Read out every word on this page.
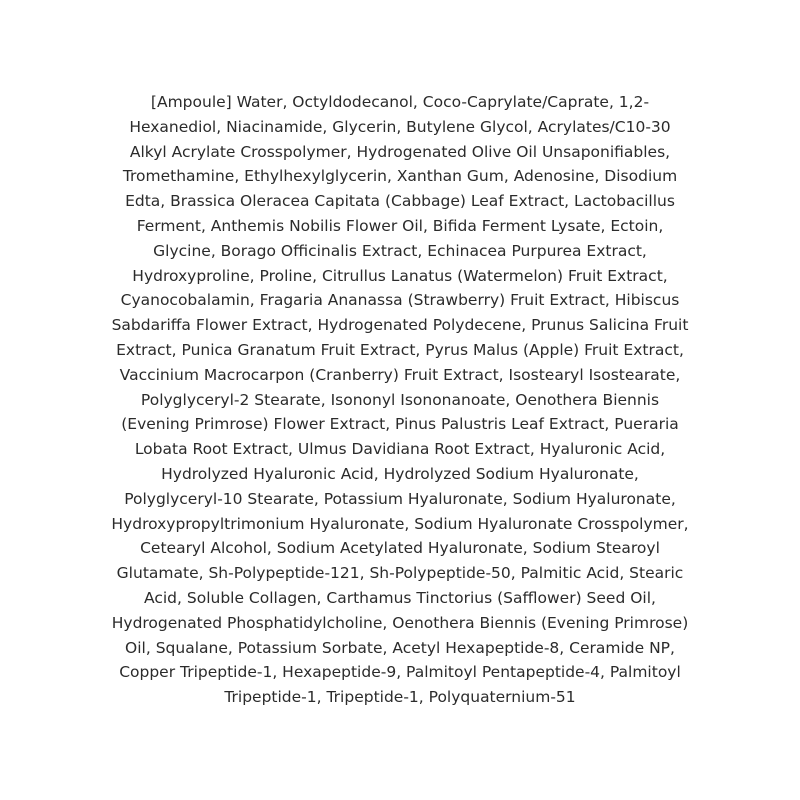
[Ampoule] Water, Octyldodecanol, Coco-Caprylate/Caprate, 1,2-
Hexanediol, Niacinamide, Glycerin, Butylene Glycol, Acrylates/C10-30
Alkyl Acrylate Crosspolymer, Hydrogenated Olive Oil Unsaponifiables,
Tromethamine, Ethylhexylglycerin, Xanthan Gum, Adenosine, Disodium
Edta, Brassica Oleracea Capitata (Cabbage) Leaf Extract, Lactobacillus
Ferment, Anthemis Nobilis Flower Oil, Bifida Ferment Lysate, Ectoin,
Glycine, Borago Officinalis Extract, Echinacea Purpurea Extract,
Hydroxyproline, Proline, Citrullus Lanatus (Watermelon) Fruit Extract,
Cyanocobalamin, Fragaria Ananassa (Strawberry) Fruit Extract, Hibiscus
Sabdariffa Flower Extract, Hydrogenated Polydecene, Prunus Salicina Fruit
Extract, Punica Granatum Fruit Extract, Pyrus Malus (Apple) Fruit Extract,
Vaccinium Macrocarpon (Cranberry) Fruit Extract, Isostearyl Isostearate,
Polyglyceryl-2 Stearate, Isononyl Isononanoate, Oenothera Biennis
(Evening Primrose) Flower Extract, Pinus Palustris Leaf Extract, Pueraria
Lobata Root Extract, Ulmus Davidiana Root Extract, Hyaluronic Acid,
Hydrolyzed Hyaluronic Acid, Hydrolyzed Sodium Hyaluronate,
Polyglyceryl-10 Stearate, Potassium Hyaluronate, Sodium Hyaluronate,
Hydroxypropyltrimonium Hyaluronate, Sodium Hyaluronate Crosspolymer,
Cetearyl Alcohol, Sodium Acetylated Hyaluronate, Sodium Stearoyl
Glutamate, Sh-Polypeptide-121, Sh-Polypeptide-50, Palmitic Acid, Stearic
Acid, Soluble Collagen, Carthamus Tinctorius (Safflower) Seed Oil,
Hydrogenated Phosphatidylcholine, Oenothera Biennis (Evening Primrose)
Oil, Squalane, Potassium Sorbate, Acetyl Hexapeptide-8, Ceramide NP,
Copper Tripeptide-1, Hexapeptide-9, Palmitoyl Pentapeptide-4, Palmitoyl
Tripeptide-1, Tripeptide-1, Polyquaternium-51
